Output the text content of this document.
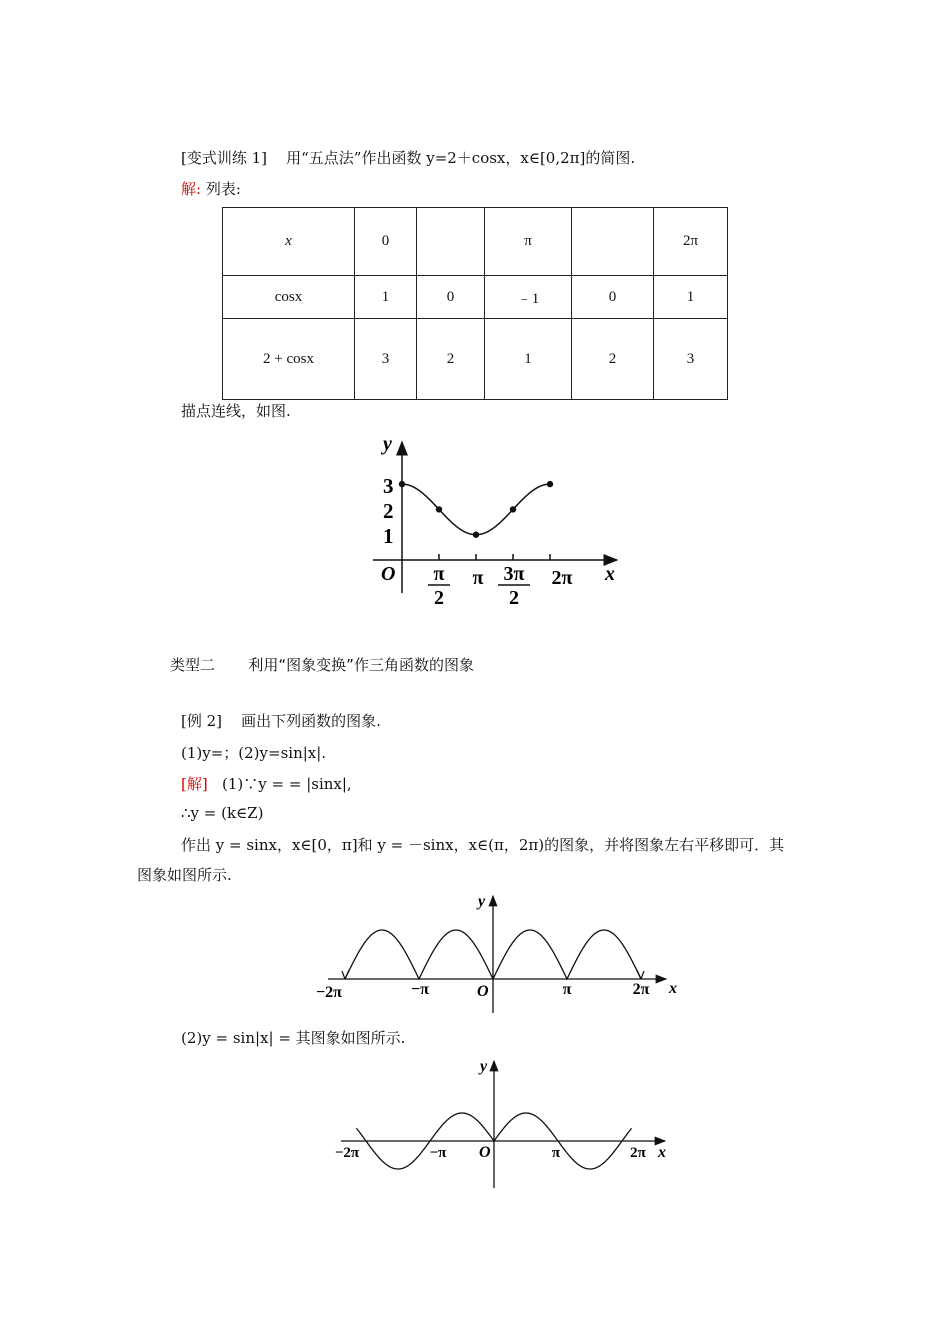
[变式训练 1] 用“五点法”作出函数 y=2＋cosx，x∈[0,2π]的简图.
解: 列表:
x	0		π		2π
cosx	1	0	﹣1	0	1
2 + cosx	3	2	1	2	3
描点连线，如图.
y
x
O
3
2
1
π
2
π 3π
2
2π
类型二 利用“图象变换”作三角函数的图象
[例 2] 画出下列函数的图象.
(1)y=；(2)y=sin|x|.
[解] (1)∵y = = |sinx|,
∴y = (k∈Z)
作出 y = sinx，x∈[0，π]和 y = －sinx，x∈(π，2π)的图象，并将图象左右平移即可．其
图象如图所示.
y
x
O
−2π	−π	π	2π
(2)y = sin|x| = 其图象如图所示.
y
x
O
−2π	−π	π	2π
